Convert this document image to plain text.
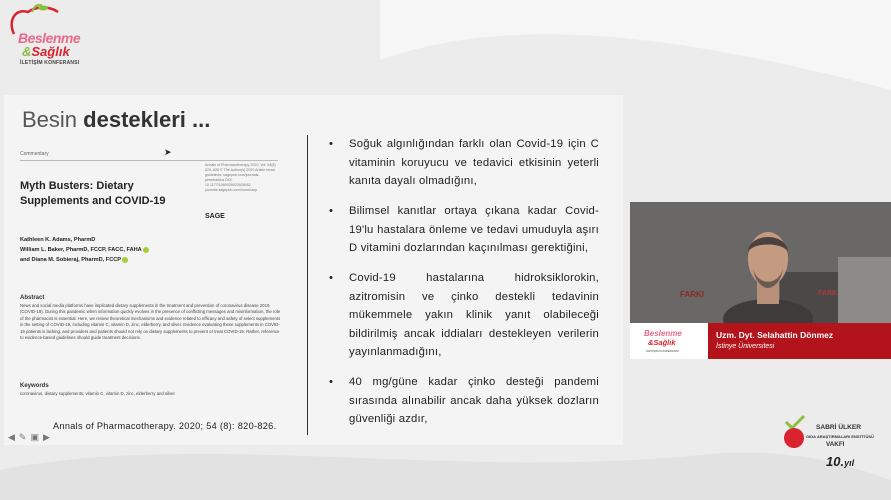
Beslenme
&Sağlık
İLETİŞİM KONFERANSI
Besin destekleri ...
Commentary
Annals of Pharmacotherapy 2020, Vol. 54(8) 820–826 © The Author(s) 2020 Article reuse guidelines: sagepub.com/journals-permissions DOI: 10.1177/1060028020928052 journals.sagepub.com/home/aop
SAGE
Myth Busters: Dietary Supplements and COVID-19
Kathleen K. Adams, PharmD
William L. Baker, PharmD, FCCP, FACC, FAHA
and Diana M. Sobieraj, PharmD, FCCP
Abstract
News and social media platforms have implicated dietary supplements in the treatment and prevention of coronavirus disease 2019 (COVID-19). During this pandemic when information quickly evolves in the presence of conflicting messages and misinformation, the role of the pharmacist is essential. Here, we review theoretical mechanisms and evidence related to efficacy and safety of select supplements in the setting of COVID-19, including vitamin C, vitamin D, zinc, elderberry, and silver. Evidence evaluating these supplements in COVID-19 patients is lacking, and providers and patients should not rely on dietary supplements to prevent or treat COVID-19. Rather, reference to evidence-based guidelines should guide treatment decisions.
Keywords
coronavirus, dietary supplements, vitamin C, vitamin D, zinc, elderberry and silver
➤
Annals of Pharmacotherapy. 2020; 54 (8): 820-826.
• Soğuk algınlığından farklı olan Covid-19 için C vitaminin koruyucu ve tedavici etkisinin yeterli kanıta dayalı olmadığını,
• Bilimsel kanıtlar ortaya çıkana kadar Covid-19'lu hastalara önleme ve tedavi umuduyla aşırı D vitamini dozlarından kaçınılması gerektiğini,
• Covid-19 hastalarına hidroksiklorokin, azitromisin ve çinko destekli tedavinin mükemmele yakın klinik yanıt olabileceği bildirilmiş ancak iddiaları destekleyen verilerin yayınlanmadığını,
• 40 mg/güne kadar çinko desteği pandemi sırasında alınabilir ancak daha yüksek dozların güvenliği azdır,
◀ ✎ ▣ ▶
FARKI	FARK
Beslenme
&Sağlık
İLETİŞİM KONFERANSI
Uzm. Dyt. Selahattin Dönmez
İstinye Üniversitesi
SABRİ ÜLKER
GIDA ARAŞTIRMALARI ENSTİTÜSÜ
VAKFI
10.yıl
